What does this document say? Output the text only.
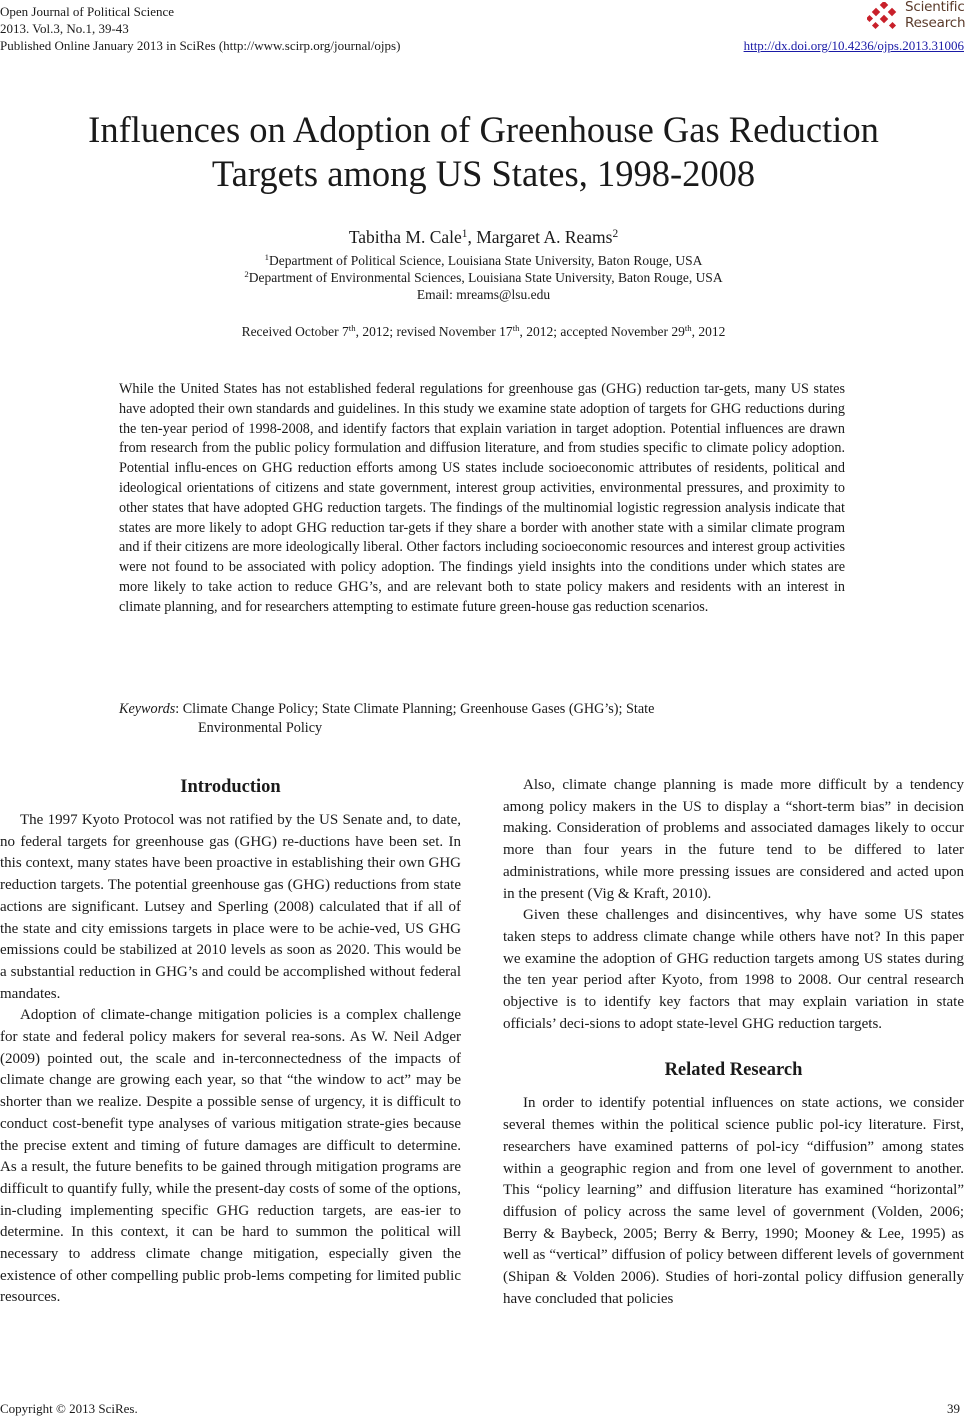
Open Journal of Political Science
2013. Vol.3, No.1, 39-43
Published Online January 2013 in SciRes (http://www.scirp.org/journal/ojps)
Scientific
Research
http://dx.doi.org/10.4236/ojps.2013.31006
Influences on Adoption of Greenhouse Gas Reduction
Targets among US States, 1998-2008
Tabitha M. Cale$^1$, Margaret A. Reams$^2$
$^1$Department of Political Science, Louisiana State University, Baton Rouge, USA
$^2$Department of Environmental Sciences, Louisiana State University, Baton Rouge, USA
Email: mreams@lsu.edu
Received October 7th, 2012; revised November 17th, 2012; accepted November 29th, 2012

While the United States has not established federal regulations for greenhouse gas (GHG) reduction tar-gets, many US states have adopted their own standards and guidelines. In this study we examine state adoption of targets for GHG reductions during the ten-year period of 1998-2008, and identify factors that explain variation in target adoption. Potential influences are drawn from research from the public policy formulation and diffusion literature, and from studies specific to climate policy adoption. Potential influ-ences on GHG reduction efforts among US states include socioeconomic attributes of residents, political and ideological orientations of citizens and state government, interest group activities, environmental pressures, and proximity to other states that have adopted GHG reduction targets. The findings of the multinomial logistic regression analysis indicate that states are more likely to adopt GHG reduction tar-gets if they share a border with another state with a similar climate program and if their citizens are more ideologically liberal. Other factors including socioeconomic resources and interest group activities were not found to be associated with policy adoption. The findings yield insights into the conditions under which states are more likely to take action to reduce GHG’s, and are relevant both to state policy makers and residents with an interest in climate planning, and for researchers attempting to estimate future green-house gas reduction scenarios.

Keywords: Climate Change Policy; State Climate Planning; Greenhouse Gases (GHG’s); State
Environmental Policy
Introduction

The 1997 Kyoto Protocol was not ratified by the US Senate and, to date, no federal targets for greenhouse gas (GHG) re-ductions have been set. In this context, many states have been proactive in establishing their own GHG reduction targets. The potential greenhouse gas (GHG) reductions from state actions are significant. Lutsey and Sperling (2008) calculated that if all of the state and city emissions targets in place were to be achie-ved, US GHG emissions could be stabilized at 2010 levels as soon as 2020. This would be a substantial reduction in GHG’s and could be accomplished without federal mandates.

Adoption of climate-change mitigation policies is a complex challenge for state and federal policy makers for several rea-sons. As W. Neil Adger (2009) pointed out, the scale and in-terconnectedness of the impacts of climate change are growing each year, so that “the window to act” may be shorter than we realize. Despite a possible sense of urgency, it is difficult to conduct cost-benefit type analyses of various mitigation strate-gies because the precise extent and timing of future damages are difficult to determine. As a result, the future benefits to be gained through mitigation programs are difficult to quantify fully, while the present-day costs of some of the options, in-cluding implementing specific GHG reduction targets, are eas-ier to determine. In this context, it can be hard to summon the political will necessary to address climate change mitigation, especially given the existence of other compelling public prob-lems competing for limited public resources.

Also, climate change planning is made more difficult by a tendency among policy makers in the US to display a “short-term bias” in decision making. Consideration of problems and associated damages likely to occur more than four years in the future tend to be differed to later administrations, while more pressing issues are considered and acted upon in the present (Vig & Kraft, 2010).

Given these challenges and disincentives, why have some US states taken steps to address climate change while others have not? In this paper we examine the adoption of GHG reduction targets among US states during the ten year period after Kyoto, from 1998 to 2008. Our central research objective is to identify key factors that may explain variation in state officials’ deci-sions to adopt state-level GHG reduction targets.

Related Research

In order to identify potential influences on state actions, we consider several themes within the political science public pol-icy literature. First, researchers have examined patterns of pol-icy “diffusion” among states within a geographic region and from one level of government to another. This “policy learning” and diffusion literature has examined “horizontal” diffusion of policy across the same level of government (Volden, 2006; Berry & Baybeck, 2005; Berry & Berry, 1990; Mooney & Lee, 1995) as well as “vertical” diffusion of policy between different levels of government (Shipan & Volden 2006). Studies of hori-zontal policy diffusion generally have concluded that policies

Copyright © 2013 SciRes.	39
